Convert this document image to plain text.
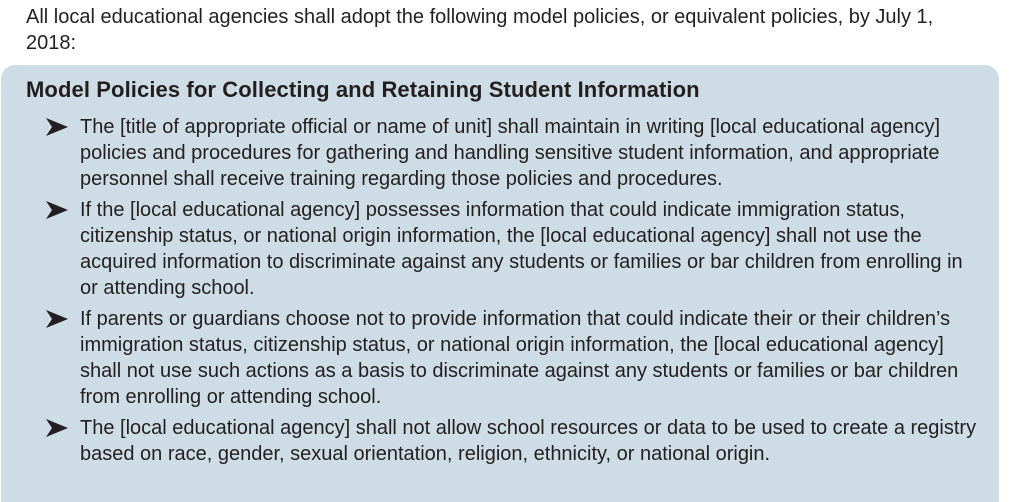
All local educational agencies shall adopt the following model policies, or equivalent policies, by July 1, 2018:

Model Policies for Collecting and Retaining Student Information
The [title of appropriate official or name of unit] shall maintain in writing [local educational agency] policies and procedures for gathering and handling sensitive student information, and appropriate personnel shall receive training regarding those policies and procedures.
If the [local educational agency] possesses information that could indicate immigration status, citizenship status, or national origin information, the [local educational agency] shall not use the acquired information to discriminate against any students or families or bar children from enrolling in or attending school.
If parents or guardians choose not to provide information that could indicate their or their children’s immigration status, citizenship status, or national origin information, the [local educational agency] shall not use such actions as a basis to discriminate against any students or families or bar children from enrolling or attending school.
The [local educational agency] shall not allow school resources or data to be used to create a registry based on race, gender, sexual orientation, religion, ethnicity, or national origin.
